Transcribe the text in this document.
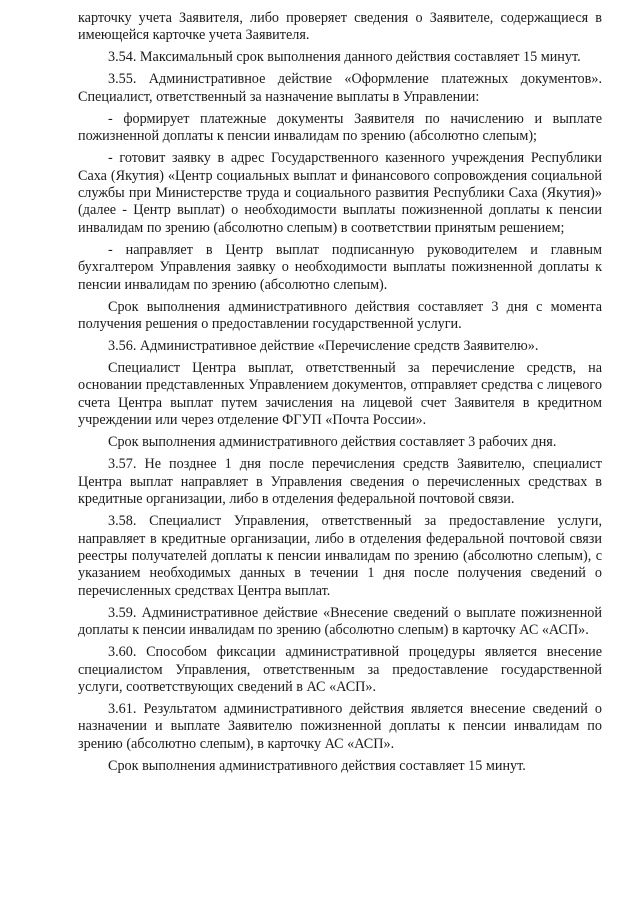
карточку учета Заявителя, либо проверяет сведения о Заявителе, содержащиеся в имеющейся карточке учета Заявителя.

3.54. Максимальный срок выполнения данного действия составляет 15 минут.

3.55. Административное действие «Оформление платежных документов». Специалист, ответственный за назначение выплаты в Управлении:

- формирует платежные документы Заявителя по начислению и выплате пожизненной доплаты к пенсии инвалидам по зрению (абсолютно слепым);

- готовит заявку в адрес Государственного казенного учреждения Республики Саха (Якутия) «Центр социальных выплат и финансового сопровождения социальной службы при Министерстве труда и социального развития Республики Саха (Якутия)» (далее - Центр выплат) о необходимости выплаты пожизненной доплаты к пенсии инвалидам по зрению (абсолютно слепым) в соответствии принятым решением;

- направляет в Центр выплат подписанную руководителем и главным бухгалтером Управления заявку о необходимости выплаты пожизненной доплаты к пенсии инвалидам по зрению (абсолютно слепым).

Срок выполнения административного действия составляет 3 дня с момента получения решения о предоставлении государственной услуги.

3.56. Административное действие «Перечисление средств Заявителю».

Специалист Центра выплат, ответственный за перечисление средств, на основании представленных Управлением документов, отправляет средства с лицевого счета Центра выплат путем зачисления на лицевой счет Заявителя в кредитном учреждении или через отделение ФГУП «Почта России».

Срок выполнения административного действия составляет 3 рабочих дня.

3.57. Не позднее 1 дня после перечисления средств Заявителю, специалист Центра выплат направляет в Управления сведения о перечисленных средствах в кредитные организации, либо в отделения федеральной почтовой связи.

3.58. Специалист Управления, ответственный за предоставление услуги, направляет в кредитные организации, либо в отделения федеральной почтовой связи реестры получателей доплаты к пенсии инвалидам по зрению (абсолютно слепым), с указанием необходимых данных в течении 1 дня после получения сведений о перечисленных средствах Центра выплат.

3.59. Административное действие «Внесение сведений о выплате пожизненной доплаты к пенсии инвалидам по зрению (абсолютно слепым) в карточку АС «АСП».

3.60. Способом фиксации административной процедуры является внесение специалистом Управления, ответственным за предоставление государственной услуги, соответствующих сведений в АС «АСП».

3.61. Результатом административного действия является внесение сведений о назначении и выплате Заявителю пожизненной доплаты к пенсии инвалидам по зрению (абсолютно слепым), в карточку АС «АСП».

Срок выполнения административного действия составляет 15 минут.
